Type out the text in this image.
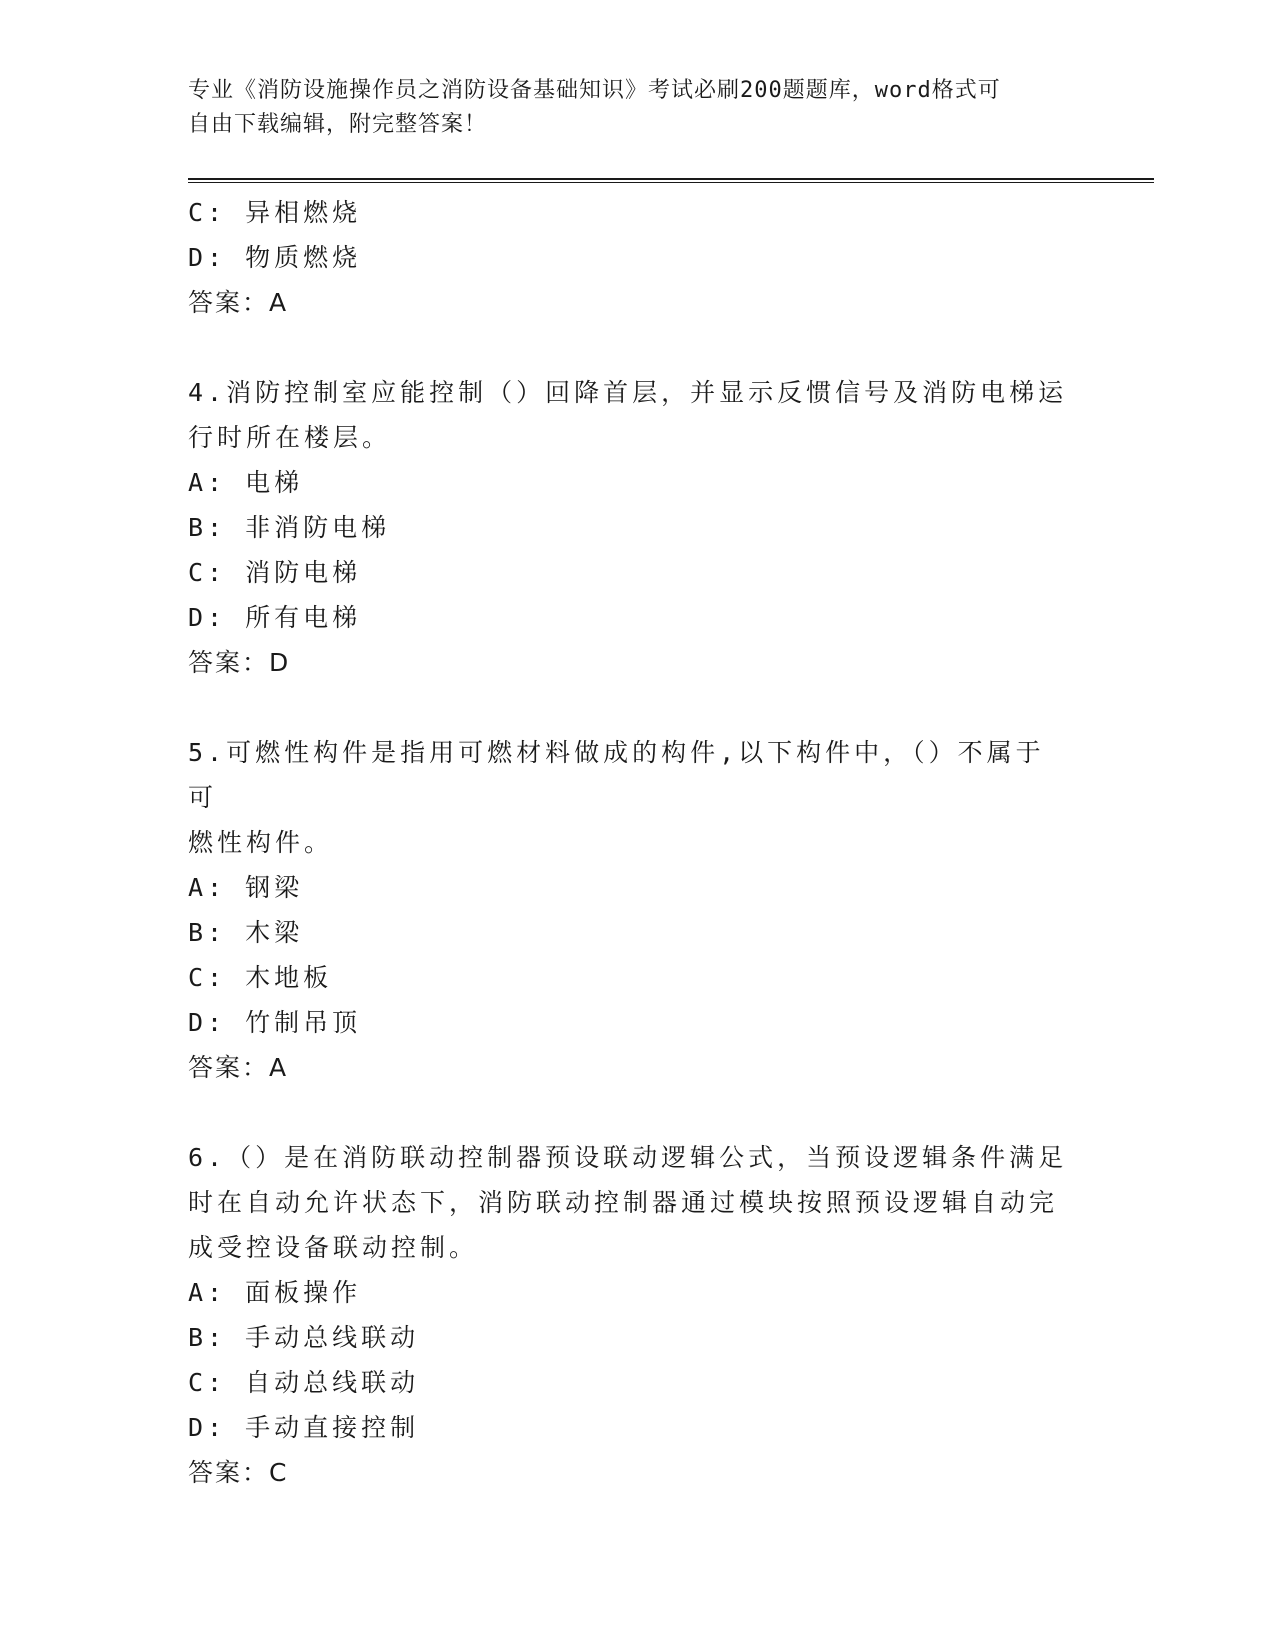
专业《消防设施操作员之消防设备基础知识》考试必刷200题题库，word格式可
自由下载编辑，附完整答案！
C: 异相燃烧
D: 物质燃烧
答案：A
4.消防控制室应能控制（）回降首层，并显示反惯信号及消防电梯运
行时所在楼层。
A: 电梯
B: 非消防电梯
C: 消防电梯
D: 所有电梯
答案：D
5.可燃性构件是指用可燃材料做成的构件,以下构件中，（）不属于可
燃性构件。
A: 钢梁
B: 木梁
C: 木地板
D: 竹制吊顶
答案：A
6.（）是在消防联动控制器预设联动逻辑公式，当预设逻辑条件满足
时在自动允许状态下，消防联动控制器通过模块按照预设逻辑自动完
成受控设备联动控制。
A: 面板操作
B: 手动总线联动
C: 自动总线联动
D: 手动直接控制
答案：C
